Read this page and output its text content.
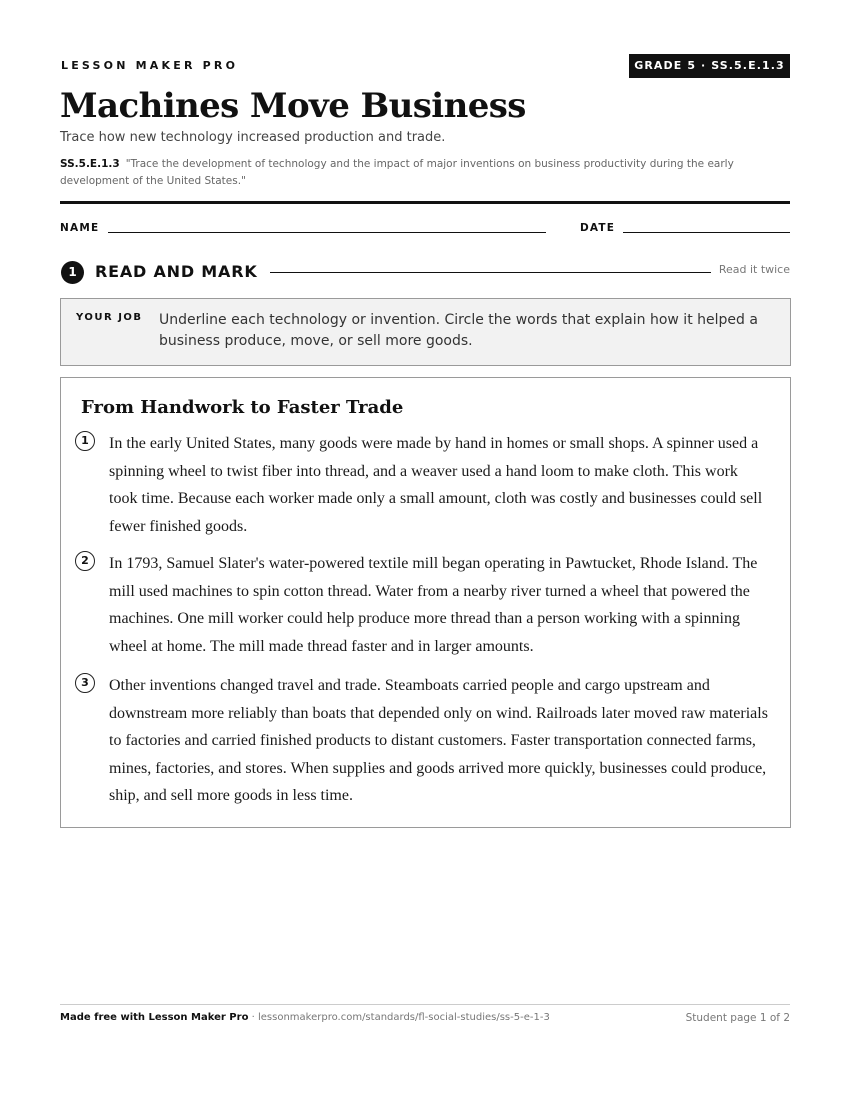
LESSON MAKER PRO	GRADE 5 · SS.5.E.1.3
Machines Move Business
Trace how new technology increased production and trade.
SS.5.E.1.3 "Trace the development of technology and the impact of major inventions on business productivity during the early development of the United States."
NAME	DATE
1	READ AND MARK	Read it twice
YOUR JOB Underline each technology or invention. Circle the words that explain how it helped a business produce, move, or sell more goods.
From Handwork to Faster Trade
1	In the early United States, many goods were made by hand in homes or small shops. A spinner used a spinning wheel to twist fiber into thread, and a weaver used a hand loom to make cloth. This work took time. Because each worker made only a small amount, cloth was costly and businesses could sell fewer finished goods.
2	In 1793, Samuel Slater's water-powered textile mill began operating in Pawtucket, Rhode Island. The mill used machines to spin cotton thread. Water from a nearby river turned a wheel that powered the machines. One mill worker could help produce more thread than a person working with a spinning wheel at home. The mill made thread faster and in larger amounts.
3	Other inventions changed travel and trade. Steamboats carried people and cargo upstream and downstream more reliably than boats that depended only on wind. Railroads later moved raw materials to factories and carried finished products to distant customers. Faster transportation connected farms, mines, factories, and stores. When supplies and goods arrived more quickly, businesses could produce, ship, and sell more goods in less time.
Made free with Lesson Maker Pro · lessonmakerpro.com/standards/fl-social-studies/ss-5-e-1-3	Student page 1 of 2
